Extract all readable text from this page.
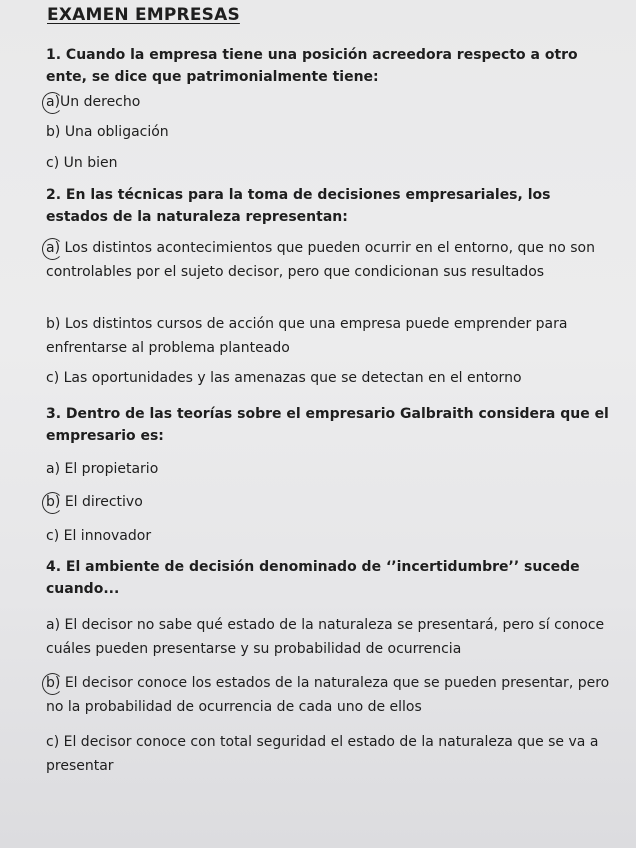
EXAMEN EMPRESAS
1. Cuando la empresa tiene una posición acreedora respecto a otro ente, se dice que patrimonialmente tiene:
a)Un derecho
b) Una obligación
c) Un bien
2. En las técnicas para la toma de decisiones empresariales, los estados de la naturaleza representan:
a) Los distintos acontecimientos que pueden ocurrir en el entorno, que no son controlables por el sujeto decisor, pero que condicionan sus resultados
b) Los distintos cursos de acción que una empresa puede emprender para enfrentarse al problema planteado
c) Las oportunidades y las amenazas que se detectan en el entorno
3. Dentro de las teorías sobre el empresario Galbraith considera que el empresario es:
a) El propietario
b) El directivo
c) El innovador
4. El ambiente de decisión denominado de ‘’incertidumbre’’ sucede cuando...
a) El decisor no sabe qué estado de la naturaleza se presentará, pero sí conoce cuáles pueden presentarse y su probabilidad de ocurrencia
b) El decisor conoce los estados de la naturaleza que se pueden presentar, pero no la probabilidad de ocurrencia de cada uno de ellos
c) El decisor conoce con total seguridad el estado de la naturaleza que se va a presentar
